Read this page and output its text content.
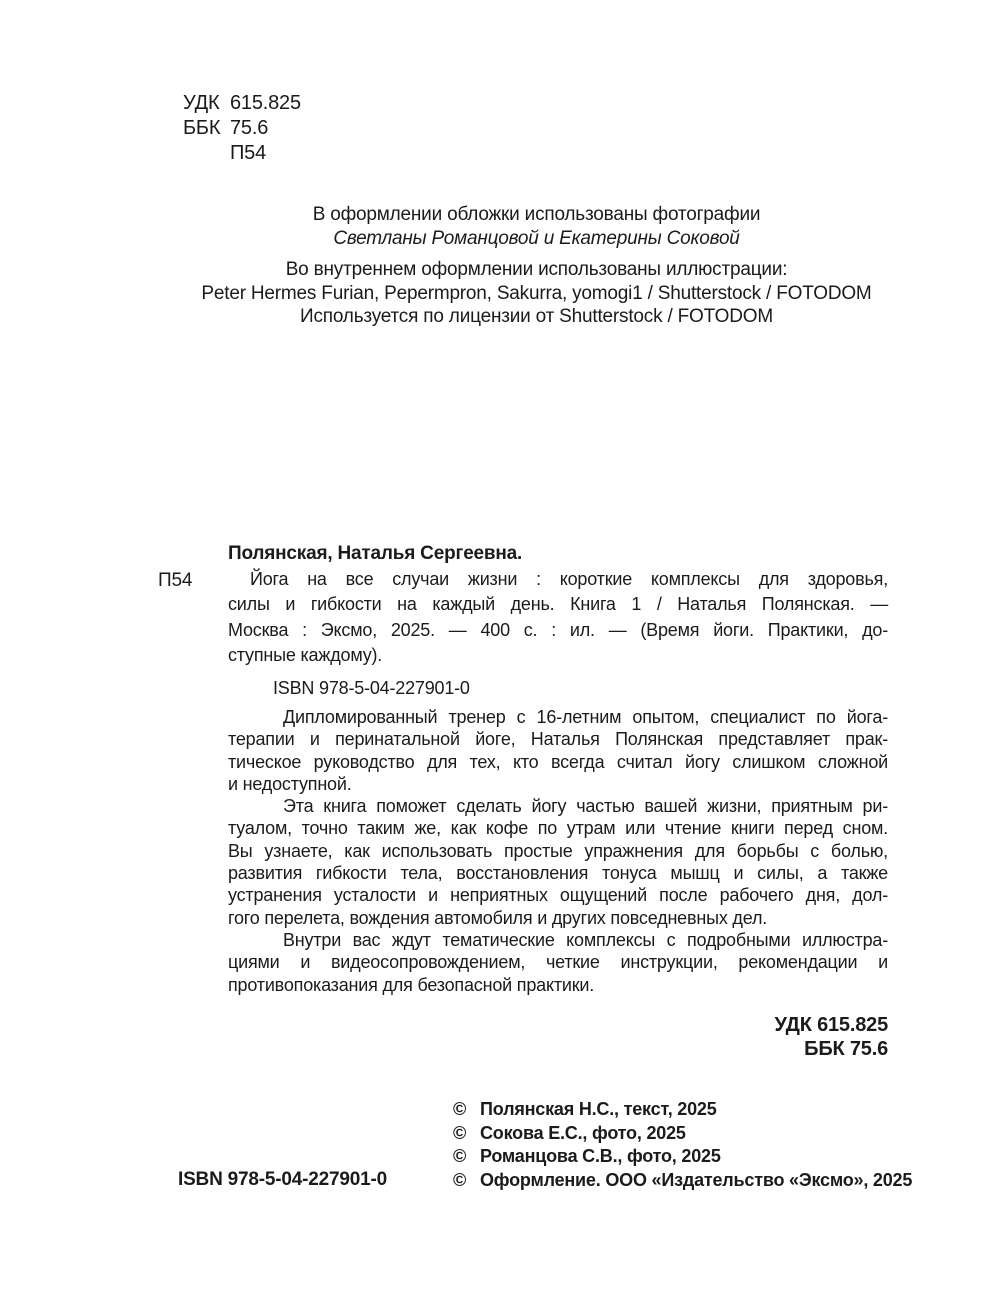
УДК 615.825
ББК 75.6
П54
В оформлении обложки использованы фотографии
Светланы Романцовой и Екатерины Соковой
Во внутреннем оформлении использованы иллюстрации:
Peter Hermes Furian, Pepermpron, Sakurra, yomogi1 / Shutterstock / FOTODOM
Используется по лицензии от Shutterstock / FOTODOM
П54
Полянская, Наталья Сергеевна.
Йога на все случаи жизни : короткие комплексы для здоровья,
силы и гибкости на каждый день. Книга 1 / Наталья Полянская. —
Москва : Эксмо, 2025. — 400 с. : ил. — (Время йоги. Практики, до-
ступные каждому).
ISBN 978-5-04-227901-0
Дипломированный тренер с 16-летним опытом, специалист по йога-
терапии и перинатальной йоге, Наталья Полянская представляет прак-
тическое руководство для тех, кто всегда считал йогу слишком сложной
и недоступной.
Эта книга поможет сделать йогу частью вашей жизни, приятным ри-
туалом, точно таким же, как кофе по утрам или чтение книги перед сном.
Вы узнаете, как использовать простые упражнения для борьбы с болью,
развития гибкости тела, восстановления тонуса мышц и силы, а также
устранения усталости и неприятных ощущений после рабочего дня, дол-
гого перелета, вождения автомобиля и других повседневных дел.
Внутри вас ждут тематические комплексы с подробными иллюстра-
циями и видеосопровождением, четкие инструкции, рекомендации и
противопоказания для безопасной практики.
УДК 615.825
ББК 75.6
© Полянская Н.С., текст, 2025
© Сокова Е.С., фото, 2025
© Романцова С.В., фото, 2025
© Оформление. ООО «Издательство «Эксмо», 2025
ISBN 978-5-04-227901-0
